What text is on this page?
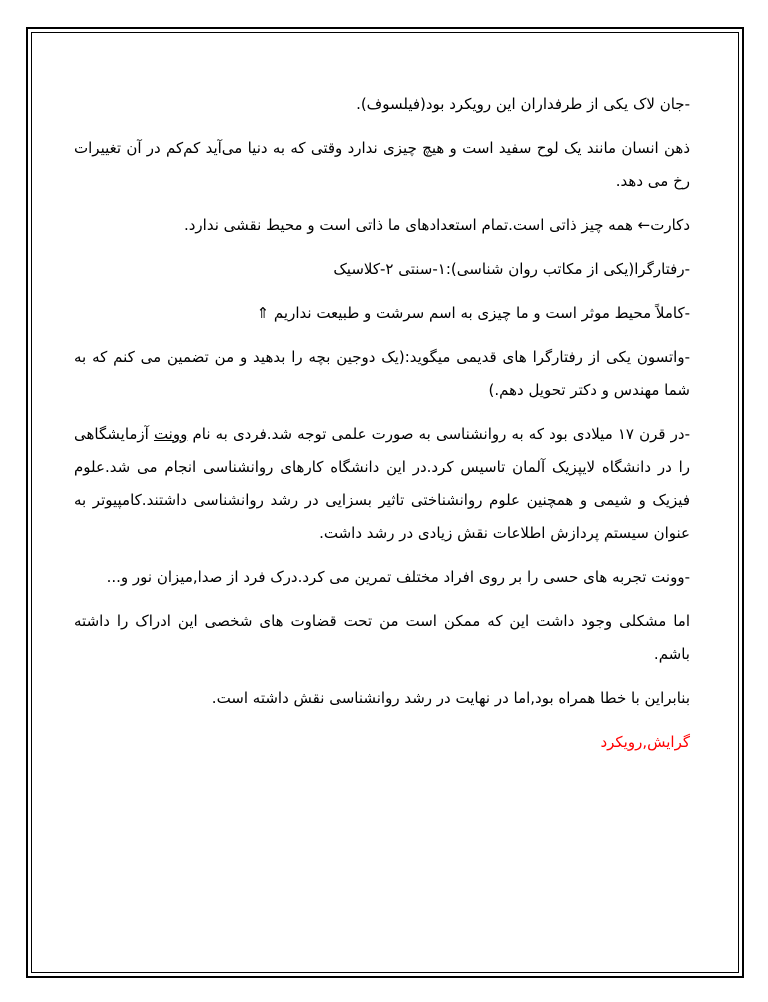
-جان لاک یکی از طرفداران این رویکرد بود(فیلسوف).

ذهن انسان مانند یک لوح سفید است و هیچ چیزی ندارد وقتی که به دنیا می‌آید کم‌کم در آن تغییرات رخ می دهد.

دکارت← همه چیز ذاتی است.تمام استعدادهای ما ذاتی است و محیط نقشی ندارد.

-رفتارگرا(یکی از مکاتب روان شناسی):۱-سنتی ۲-کلاسیک

-کاملاً محیط موثر است و ما چیزی به اسم سرشت و طبیعت نداریم ⇑

-واتسون یکی از رفتارگرا های قدیمی میگوید:(یک دوجین بچه را بدهید و من تضمین می کنم که به شما مهندس و دکتر تحویل دهم.)

-در قرن ۱۷ میلادی بود که به روانشناسی به صورت علمی توجه شد.فردی به نام وونت آزمایشگاهی را در دانشگاه لایپزیک آلمان تاسیس کرد.در این دانشگاه کارهای روانشناسی انجام می شد.علوم فیزیک و شیمی و همچنین علوم روانشناختی تاثیر بسزایی در رشد روانشناسی داشتند.کامپیوتر به عنوان سیستم پردازش اطلاعات نقش زیادی در رشد داشت.

-وونت تجربه های حسی را بر روی افراد مختلف تمرین می کرد.درک فرد از صدا,میزان نور و...

اما مشکلی وجود داشت این که ممکن است من تحت قضاوت های شخصی این ادراک را داشته باشم.

بنابراین با خطا همراه بود,اما در نهایت در رشد روانشناسی نقش داشته است.

گرایش,رویکرد
